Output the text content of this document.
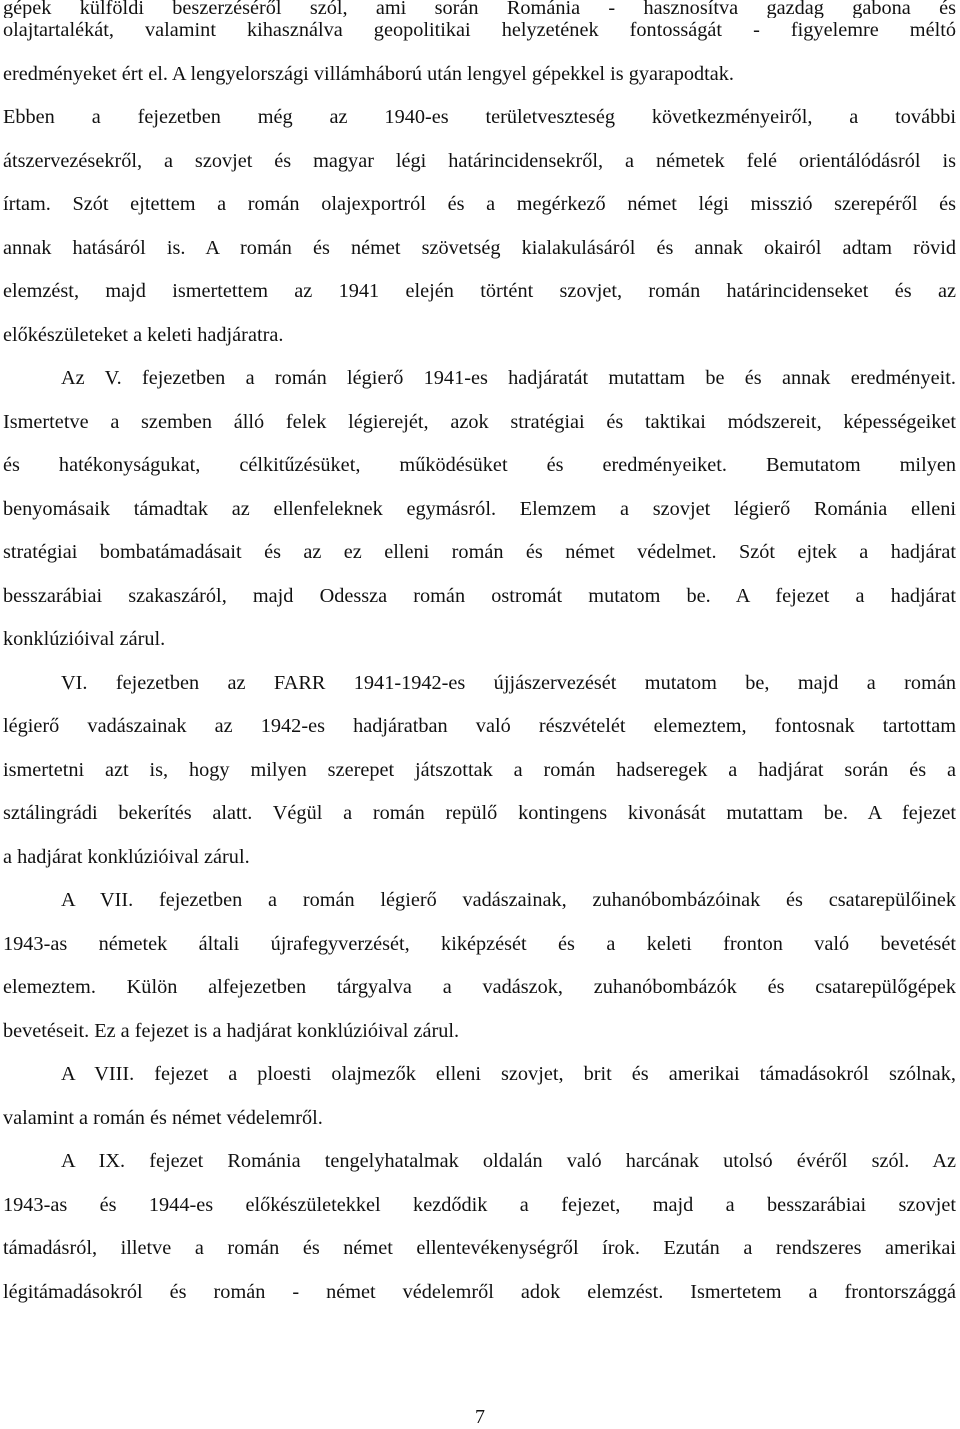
gépek külföldi beszerzéséről szól, ami során Románia - hasznosítva gazdag gabona és
olajtartalékát, valamint kihasználva geopolitikai helyzetének fontosságát - figyelemre méltó
eredményeket ért el. A lengyelországi villámháború után lengyel gépekkel is gyarapodtak.
Ebben a fejezetben még az 1940-es területveszteség következményeiről, a további
átszervezésekről, a szovjet és magyar légi határincidensekről, a németek felé orientálódásról is
írtam. Szót ejtettem a román olajexportról és a megérkező német légi misszió szerepéről és
annak hatásáról is. A román és német szövetség kialakulásáról és annak okairól adtam rövid
elemzést, majd ismertettem az 1941 elején történt szovjet, román határincidenseket és az
előkészületeket a keleti hadjáratra.
Az V. fejezetben a román légierő 1941-es hadjáratát mutattam be és annak eredményeit.
Ismertetve a szemben álló felek légierejét, azok stratégiai és taktikai módszereit, képességeiket
és hatékonyságukat, célkitűzésüket, működésüket és eredményeiket. Bemutatom milyen
benyomásaik támadtak az ellenfeleknek egymásról. Elemzem a szovjet légierő Románia elleni
stratégiai bombatámadásait és az ez elleni román és német védelmet. Szót ejtek a hadjárat
besszarábiai szakaszáról, majd Odessza román ostromát mutatom be. A fejezet a hadjárat
konklúzióival zárul.
VI. fejezetben az FARR 1941-1942-es újjászervezését mutatom be, majd a román
légierő vadászainak az 1942-es hadjáratban való részvételét elemeztem, fontosnak tartottam
ismertetni azt is, hogy milyen szerepet játszottak a román hadseregek a hadjárat során és a
sztálingrádi bekerítés alatt. Végül a román repülő kontingens kivonását mutattam be. A fejezet
a hadjárat konklúzióival zárul.
A VII. fejezetben a román légierő vadászainak, zuhanóbombázóinak és csatarepülőinek
1943-as németek általi újrafegyverzését, kiképzését és a keleti fronton való bevetését
elemeztem. Külön alfejezetben tárgyalva a vadászok, zuhanóbombázók és csatarepülőgépek
bevetéseit. Ez a fejezet is a hadjárat konklúzióival zárul.
A VIII. fejezet a ploesti olajmezők elleni szovjet, brit és amerikai támadásokról szólnak,
valamint a román és német védelemről.
A IX. fejezet Románia tengelyhatalmak oldalán való harcának utolsó évéről szól. Az
1943-as és 1944-es előkészületekkel kezdődik a fejezet, majd a besszarábiai szovjet
támadásról, illetve a román és német ellentevékenységről írok. Ezután a rendszeres amerikai
légitámadásokról és román - német védelemről adok elemzést. Ismertetem a frontországgá
7
